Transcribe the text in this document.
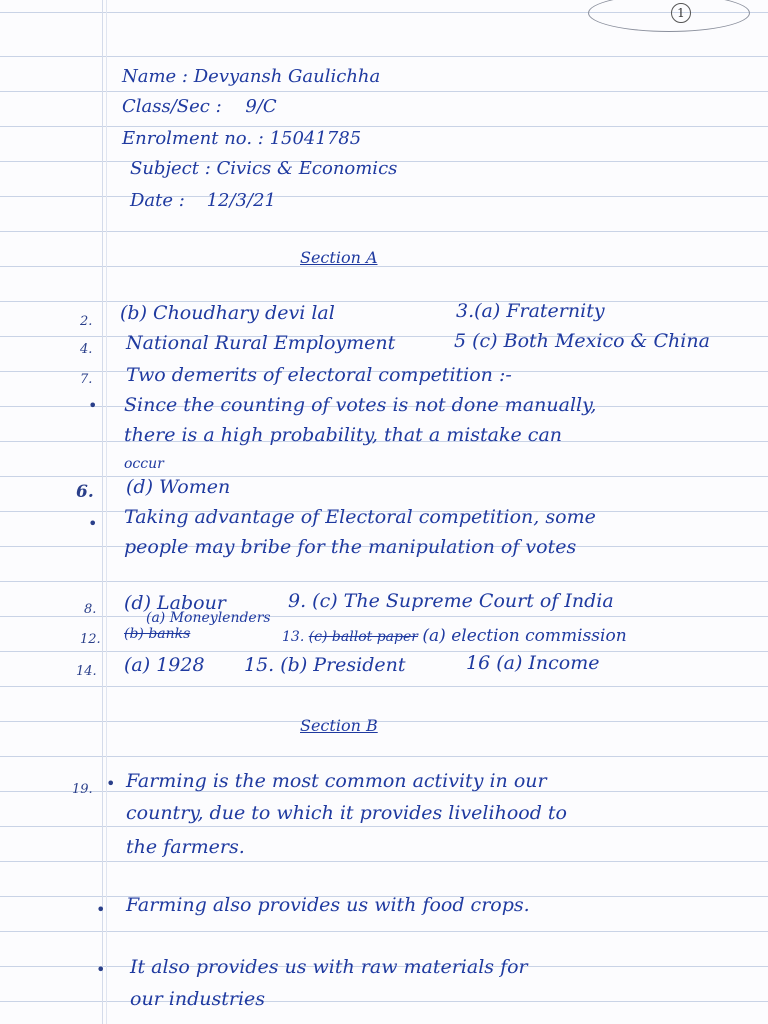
1
Name : Devyansh Gaulichha
Class/Sec : 9/C
Enrolment no. : 15041785
Subject : Civics & Economics
Date : 12/3/21
Section A
2. (b) Choudhary devi lal	3.(a) Fraternity
4. National Rural Employment	5 (c) Both Mexico & China
7. Two demerits of electoral competition :-
• Since the counting of votes is not done manually,
there is a high probability, that a mistake can
occur
6. (d) Women
• Taking advantage of Electoral competition, some
people may bribe for the manipulation of votes
8. (d) Labour	9. (c) The Supreme Court of India
(a) Moneylenders
12. (b) banks	13. (c) ballot paper (a) election commission
14. (a) 1928 15. (b) President	16 (a) Income
Section B
19. • Farming is the most common activity in our
country, due to which it provides livelihood to
the farmers.
• Farming also provides us with food crops.
• It also provides us with raw materials for
our industries
